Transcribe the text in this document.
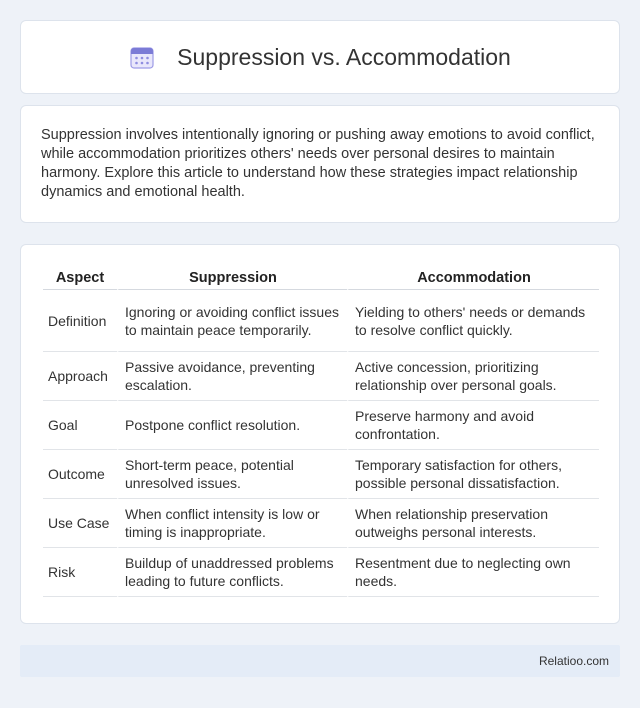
Suppression vs. Accommodation

Suppression involves intentionally ignoring or pushing away emotions to avoid conflict, while accommodation prioritizes others' needs over personal desires to maintain harmony. Explore this article to understand how these strategies impact relationship dynamics and emotional health.

Aspect	Suppression	Accommodation
Definition	Ignoring or avoiding conflict issues to maintain peace temporarily.	Yielding to others' needs or demands to resolve conflict quickly.
Approach	Passive avoidance, preventing escalation.	Active concession, prioritizing relationship over personal goals.
Goal	Postpone conflict resolution.	Preserve harmony and avoid confrontation.
Outcome	Short-term peace, potential unresolved issues.	Temporary satisfaction for others, possible personal dissatisfaction.
Use Case	When conflict intensity is low or timing is inappropriate.	When relationship preservation outweighs personal interests.
Risk	Buildup of unaddressed problems leading to future conflicts.	Resentment due to neglecting own needs.
Relatioo.com
